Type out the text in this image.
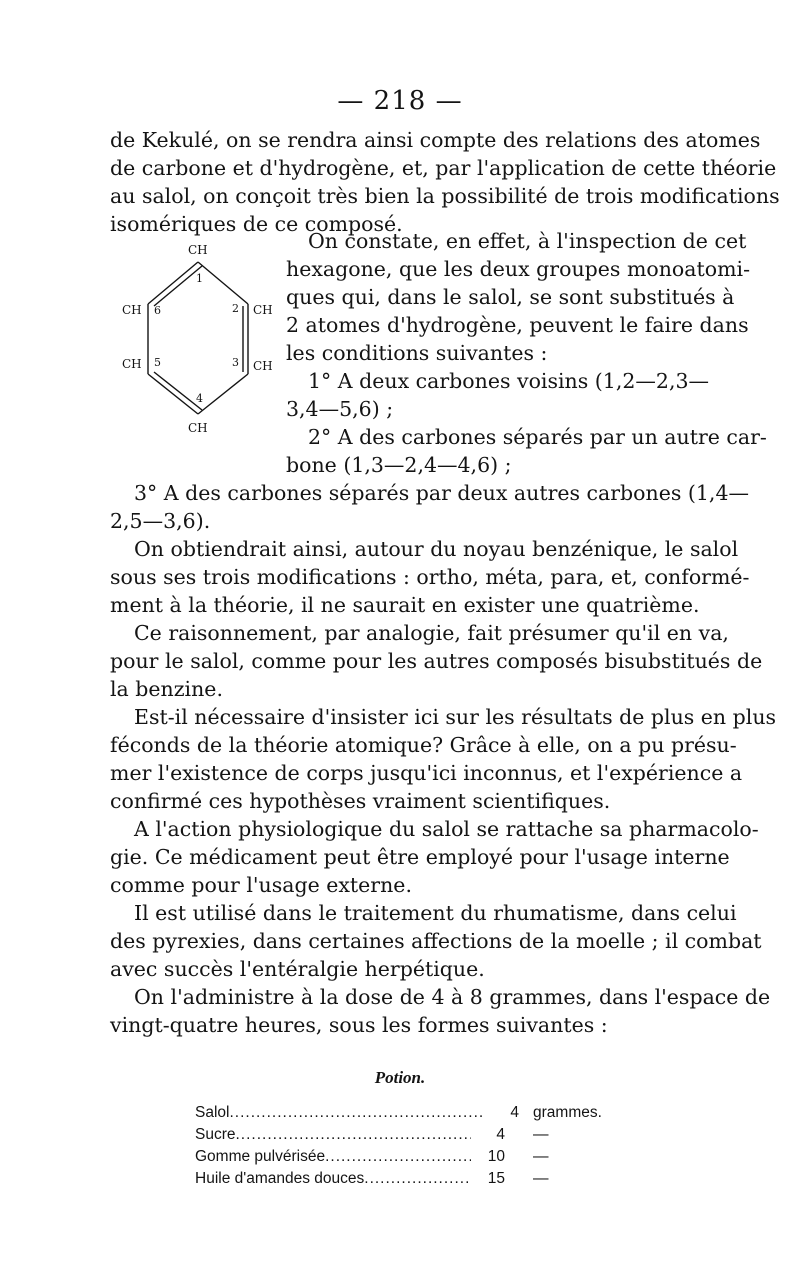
— 218 —
de Kekulé, on se rendra ainsi compte des relations des atomes
de carbone et d'hydrogène, et, par l'application de cette théorie
au salol, on conçoit très bien la possibilité de trois modifications
isomériques de ce composé.
CH
CH	CH
CH	CH
CH
1
2
3
4
5
6
On constate, en effet, à l'inspection de cet
hexagone, que les deux groupes monoatomi-
ques qui, dans le salol, se sont substitués à
2 atomes d'hydrogène, peuvent le faire dans
les conditions suivantes :
1° A deux carbones voisins (1,2—2,3—
3,4—5,6) ;
2° A des carbones séparés par un autre car-
bone (1,3—2,4—4,6) ;
3° A des carbones séparés par deux autres carbones (1,4—
2,5—3,6).
On obtiendrait ainsi, autour du noyau benzénique, le salol
sous ses trois modifications : ortho, méta, para, et, conformé-
ment à la théorie, il ne saurait en exister une quatrième.
Ce raisonnement, par analogie, fait présumer qu'il en va,
pour le salol, comme pour les autres composés bisubstitués de
la benzine.
Est-il nécessaire d'insister ici sur les résultats de plus en plus
féconds de la théorie atomique? Grâce à elle, on a pu présu-
mer l'existence de corps jusqu'ici inconnus, et l'expérience a
confirmé ces hypothèses vraiment scientifiques.
A l'action physiologique du salol se rattache sa pharmacolo-
gie. Ce médicament peut être employé pour l'usage interne
comme pour l'usage externe.
Il est utilisé dans le traitement du rhumatisme, dans celui
des pyrexies, dans certaines affections de la moelle ; il combat
avec succès l'entéralgie herpétique.
On l'administre à la dose de 4 à 8 grammes, dans l'espace de
vingt-quatre heures, sous les formes suivantes :
Potion.
Salol .....	4 grammes.
Sucre .....	4	—
Gomme pulvérisée .....	10	—
Huile d'amandes douces .....	15	—
